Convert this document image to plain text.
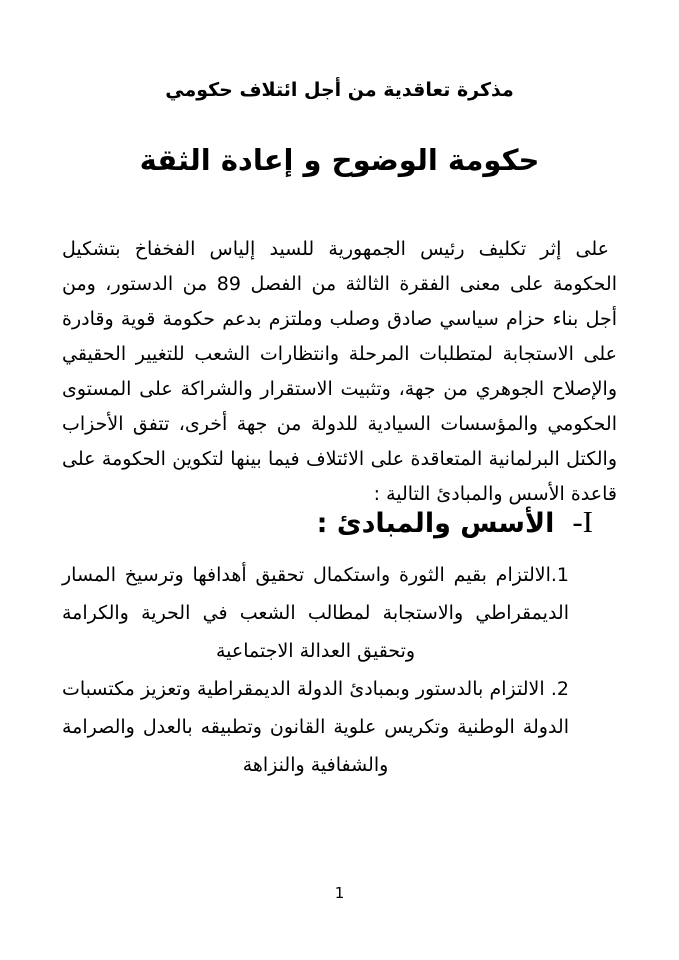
مذكرة تعاقدية من أجل ائتلاف حكومي
حكومة الوضوح و إعادة الثقة

على إثر تكليف رئيس الجمهورية للسيد إلياس الفخفاخ بتشكيل الحكومة على معنى الفقرة الثالثة من الفصل 89 من الدستور، ومن أجل بناء حزام سياسي صادق وصلب وملتزم بدعم حكومة قوية وقادرة على الاستجابة لمتطلبات المرحلة وانتظارات الشعب للتغيير الحقيقي والإصلاح الجوهري من جهة، وتثبيت الاستقرار والشراكة على المستوى الحكومي والمؤسسات السيادية للدولة من جهة أخرى، تتفق الأحزاب والكتل البرلمانية المتعاقدة على الائتلاف فيما بينها لتكوين الحكومة على قاعدة الأسس والمبادئ التالية :

I-
الأسس والمبادئ :

1.الالتزام بقيم الثورة واستكمال تحقيق أهدافها وترسيخ المسار الديمقراطي والاستجابة لمطالب الشعب في الحرية والكرامة وتحقيق العدالة الاجتماعية

2. الالتزام بالدستور وبمبادئ الدولة الديمقراطية وتعزيز مكتسبات الدولة الوطنية وتكريس علوية القانون وتطبيقه بالعدل والصرامة والشفافية والنزاهة

1
